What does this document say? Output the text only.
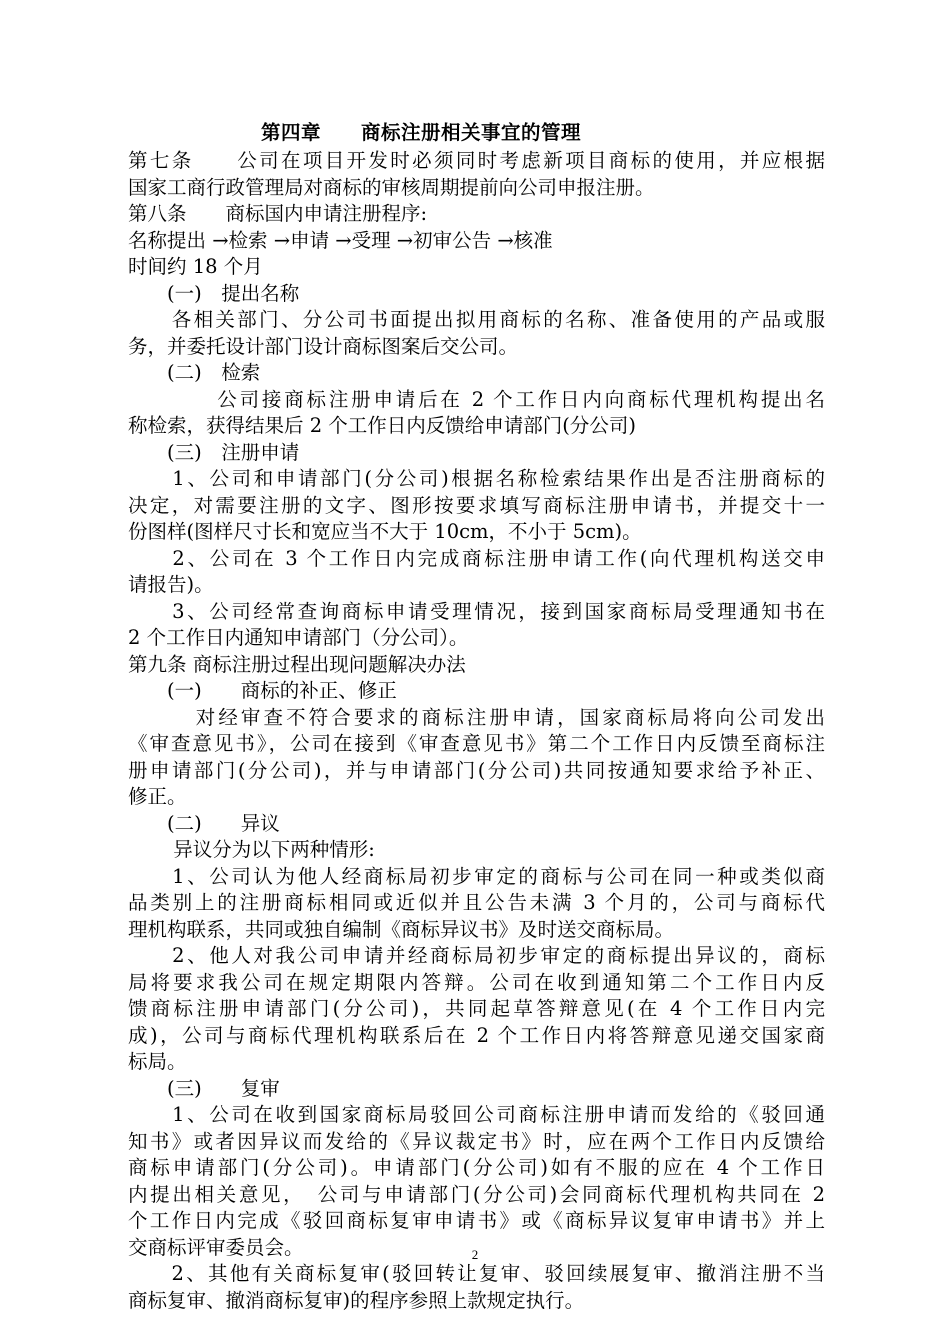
第四章　　商标注册相关事宜的管理
第七条　　公司在项目开发时必须同时考虑新项目商标的使用，并应根据
国家工商行政管理局对商标的审核周期提前向公司申报注册。
第八条　　商标国内申请注册程序:
名称提出 →检索 →申请 →受理 →初审公告 →核准
时间约 18 个月
　　(一)　提出名称
　　各相关部门、分公司书面提出拟用商标的名称、准备使用的产品或服
务，并委托设计部门设计商标图案后交公司。
　　(二)　检索
　　　　公司接商标注册申请后在 2 个工作日内向商标代理机构提出名
称检索，获得结果后 2 个工作日内反馈给申请部门(分公司)
　　(三)　注册申请
　　1、公司和申请部门(分公司)根据名称检索结果作出是否注册商标的
决定，对需要注册的文字、图形按要求填写商标注册申请书，并提交十一
份图样(图样尺寸长和宽应当不大于 10cm，不小于 5cm)。
　　2、公司在 3 个工作日内完成商标注册申请工作(向代理机构送交申
请报告)。
　　3、公司经常查询商标申请受理情况，接到国家商标局受理通知书在
2 个工作日内通知申请部门（分公司）。
第九条 商标注册过程出现问题解决办法
　　(一)　　商标的补正、修正
　　　对经审查不符合要求的商标注册申请，国家商标局将向公司发出
《审查意见书》，公司在接到《审查意见书》第二个工作日内反馈至商标注
册申请部门(分公司)，并与申请部门(分公司)共同按通知要求给予补正、
修正。
　　(二)　　异议
　　 异议分为以下两种情形:
　　1、公司认为他人经商标局初步审定的商标与公司在同一种或类似商
品类别上的注册商标相同或近似并且公告未满 3 个月的，公司与商标代
理机构联系，共同或独自编制《商标异议书》及时送交商标局。
　　2、他人对我公司申请并经商标局初步审定的商标提出异议的，商标
局将要求我公司在规定期限内答辩。公司在收到通知第二个工作日内反
馈商标注册申请部门(分公司)，共同起草答辩意见(在 4 个工作日内完
成)，公司与商标代理机构联系后在 2 个工作日内将答辩意见递交国家商
标局。
　　(三)　　复审
　　1、公司在收到国家商标局驳回公司商标注册申请而发给的《驳回通
知书》或者因异议而发给的《异议裁定书》时，应在两个工作日内反馈给
商标申请部门(分公司)。申请部门(分公司)如有不服的应在 4 个工作日
内提出相关意见，　公司与申请部门(分公司)会同商标代理机构共同在 2
个工作日内完成《驳回商标复审申请书》或《商标异议复审申请书》并上
交商标评审委员会。
　　2、其他有关商标复审(驳回转让复审、驳回续展复审、撤消注册不当
商标复审、撤消商标复审)的程序参照上款规定执行。
2
